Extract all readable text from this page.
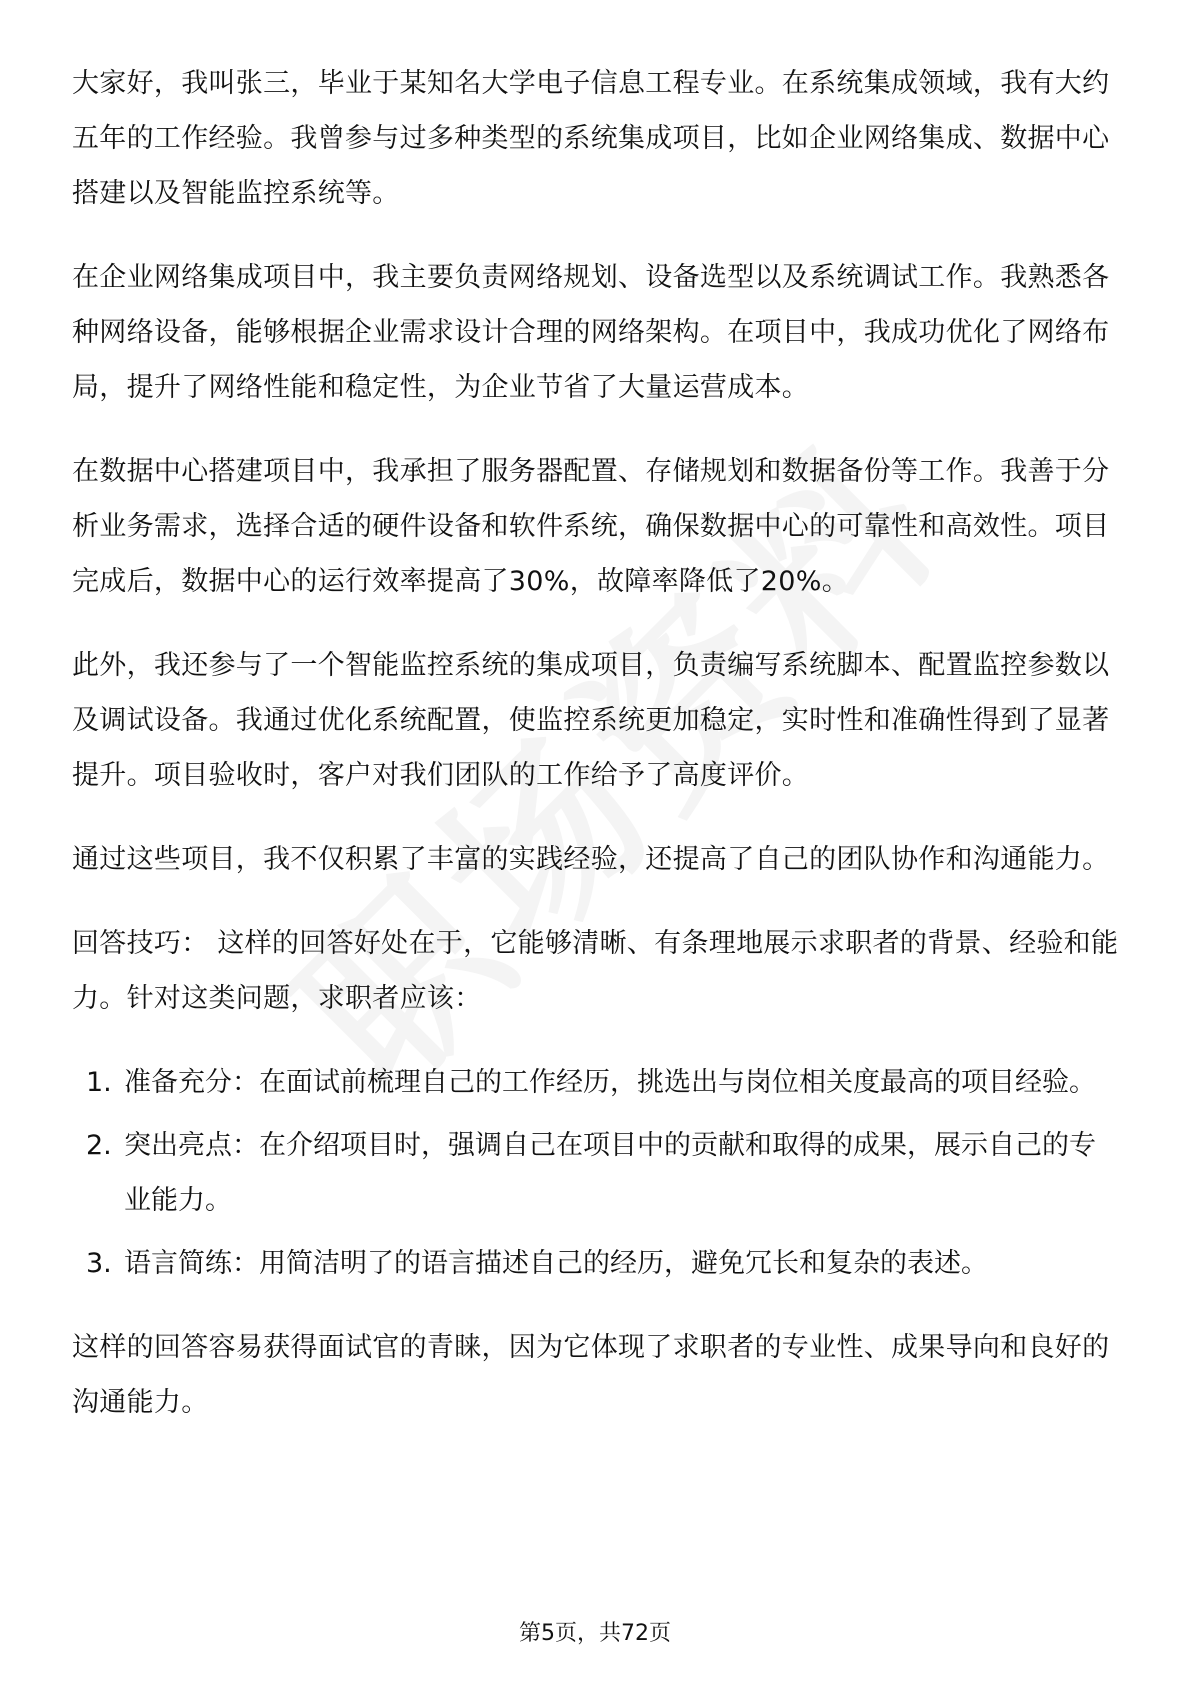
大家好，我叫张三，毕业于某知名大学电子信息工程专业。在系统集成领域，我有大约五年的工作经验。我曾参与过多种类型的系统集成项目，比如企业网络集成、数据中心搭建以及智能监控系统等。

在企业网络集成项目中，我主要负责网络规划、设备选型以及系统调试工作。我熟悉各种网络设备，能够根据企业需求设计合理的网络架构。在项目中，我成功优化了网络布局，提升了网络性能和稳定性，为企业节省了大量运营成本。

在数据中心搭建项目中，我承担了服务器配置、存储规划和数据备份等工作。我善于分析业务需求，选择合适的硬件设备和软件系统，确保数据中心的可靠性和高效性。项目完成后，数据中心的运行效率提高了30%，故障率降低了20%。

此外，我还参与了一个智能监控系统的集成项目，负责编写系统脚本、配置监控参数以及调试设备。我通过优化系统配置，使监控系统更加稳定，实时性和准确性得到了显著提升。项目验收时，客户对我们团队的工作给予了高度评价。

通过这些项目，我不仅积累了丰富的实践经验，还提高了自己的团队协作和沟通能力。

回答技巧： 这样的回答好处在于，它能够清晰、有条理地展示求职者的背景、经验和能力。针对这类问题，求职者应该：

1. 准备充分：在面试前梳理自己的工作经历，挑选出与岗位相关度最高的项目经验。
2. 突出亮点：在介绍项目时，强调自己在项目中的贡献和取得的成果，展示自己的专业能力。
3. 语言简练：用简洁明了的语言描述自己的经历，避免冗长和复杂的表述。

这样的回答容易获得面试官的青睐，因为它体现了求职者的专业性、成果导向和良好的沟通能力。

第5页，共72页
